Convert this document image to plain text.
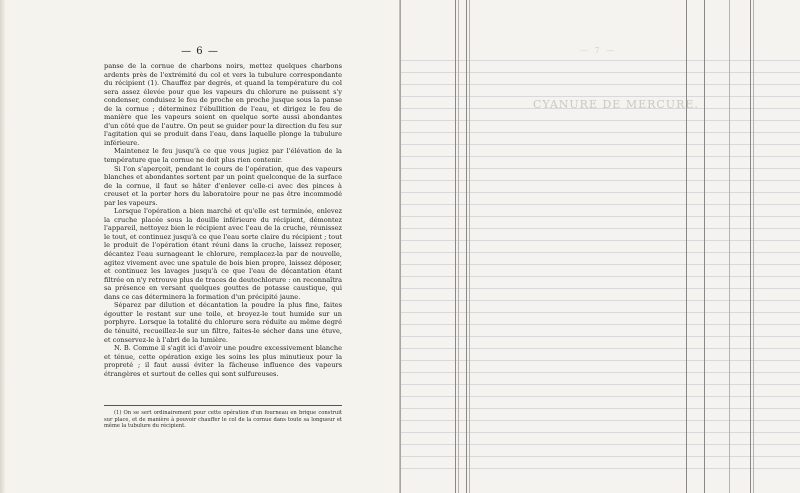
— 6 —

panse de la cornue de charbons noirs, mettez quelques charbons ardents près de l'extrémité du col et vers la tubulure correspondante du récipient (1). Chauffez par degrés, et quand la température du col sera assez élevée pour que les vapeurs du chlorure ne puissent s'y condenser, conduisez le feu de proche en proche jusque sous la panse de la cornue ; déterminez l'ébullition de l'eau, et dirigez le feu de manière que les vapeurs soient en quelque sorte aussi abondantes d'un côté que de l'autre. On peut se guider pour la direction du feu sur l'agitation qui se produit dans l'eau, dans laquelle plonge la tubulure inférieure.

Maintenez le feu jusqu'à ce que vous jugiez par l'élévation de la température que la cornue ne doit plus rien contenir.

Si l'on s'aperçoit, pendant le cours de l'opération, que des vapeurs blanches et abondantes sortent par un point quelconque de la surface de la cornue, il faut se hâter d'enlever celle-ci avec des pinces à creuset et la porter hors du laboratoire pour ne pas être incommodé par les vapeurs.

Lorsque l'opération a bien marché et qu'elle est terminée, enlevez la cruche placée sous la douille inférieure du récipient, démontez l'appareil, nettoyez bien le récipient avec l'eau de la cruche, réunissez le tout, et continuez jusqu'à ce que l'eau sorte claire du récipient ; tout le produit de l'opération étant réuni dans la cruche, laissez reposer, décantez l'eau surnageant le chlorure, remplacez-la par de nouvelle, agitez vivement avec une spatule de bois bien propre, laissez déposer, et continuez les lavages jusqu'à ce que l'eau de décantation étant filtrée on n'y retrouve plus de traces de deutochlorure : on reconnaîtra sa présence en versant quelques gouttes de potasse caustique, qui dans ce cas déterminera la formation d'un précipité jaune.

Séparez par dilution et décantation la poudre la plus fine, faites égoutter le restant sur une toile, et broyez-le tout humide sur un porphyre. Lorsque la totalité du chlorure sera réduite au même degré de ténuité, recueillez-le sur un filtre, faites-le sécher dans une étuve, et conservez-le à l'abri de la lumière.

N. B. Comme il s'agit ici d'avoir une poudre excessivement blanche et ténue, cette opération exige les soins les plus minutieux pour la propreté ; il faut aussi éviter la fâcheuse influence des vapeurs étrangères et surtout de celles qui sont sulfureuses.

(1) On se sert ordinairement pour cette opération d'un fourneau en brique construit sur place, et de manière à pouvoir chauffer le col de la cornue dans toute sa longueur et même la tubulure du récipient.
— 7 —
CYANURE DE MERCURE.
